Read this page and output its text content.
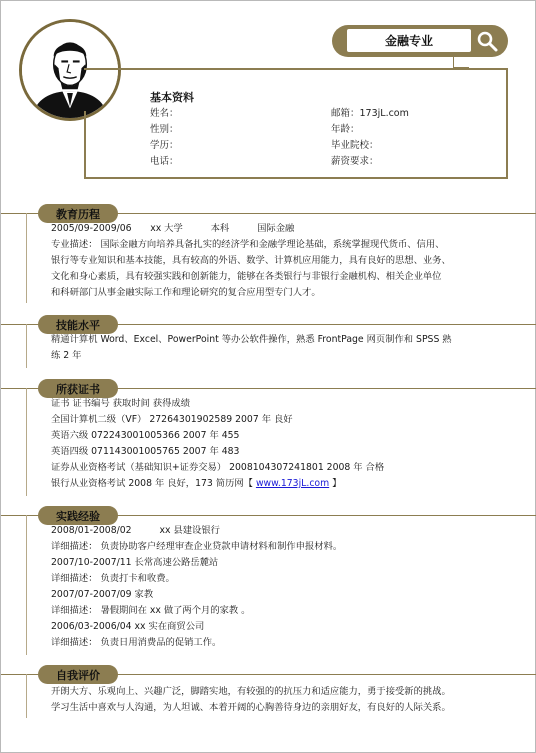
金融专业
基本资料
姓名：
性别：
学历：
电话：
邮箱：173jL.com
年龄：
毕业院校：
薪资要求：
教育历程
2005/09-2009/06　　xx 大学　　　本科　　　国际金融
专业描述： 国际金融方向培养具备扎实的经济学和金融学理论基础，系统掌握现代货币、信用、
银行等专业知识和基本技能，具有较高的外语、数学、计算机应用能力，具有良好的思想、业务、
文化和身心素质，具有较强实践和创新能力，能够在各类银行与非银行金融机构、相关企业单位
和科研部门从事金融实际工作和理论研究的复合应用型专门人才。
技能水平
精通计算机 Word、Excel、PowerPoint 等办公软件操作，熟悉 FrontPage 网页制作和 SPSS 熟
练 2 年
所获证书
证书 证书编号 获取时间 获得成绩
全国计算机二级（VF） 27264301902589 2007 年 良好
英语六级 072243001005366 2007 年 455
英语四级 071143001005765 2007 年 483
证券从业资格考试（基础知识+证券交易） 2008104307241801 2008 年 合格
银行从业资格考试 2008 年 良好，173 简历网【 www.173jL.com 】
实践经验
2008/01-2008/02　　　xx 县建设银行
详细描述： 负责协助客户经理审查企业贷款申请材料和制作申报材料。
2007/10-2007/11 长常高速公路岳麓站
详细描述： 负责打卡和收费。
2007/07-2007/09 家教
详细描述： 暑假期间在 xx 做了两个月的家教 。
2006/03-2006/04 xx 实在商贸公司
详细描述： 负责日用消费品的促销工作。
自我评价
开朗大方、乐观向上、兴趣广泛，脚踏实地，有较强的的抗压力和适应能力，勇于接受新的挑战。
学习生活中喜欢与人沟通，为人坦诚、本着开阔的心胸善待身边的亲朋好友，有良好的人际关系。
